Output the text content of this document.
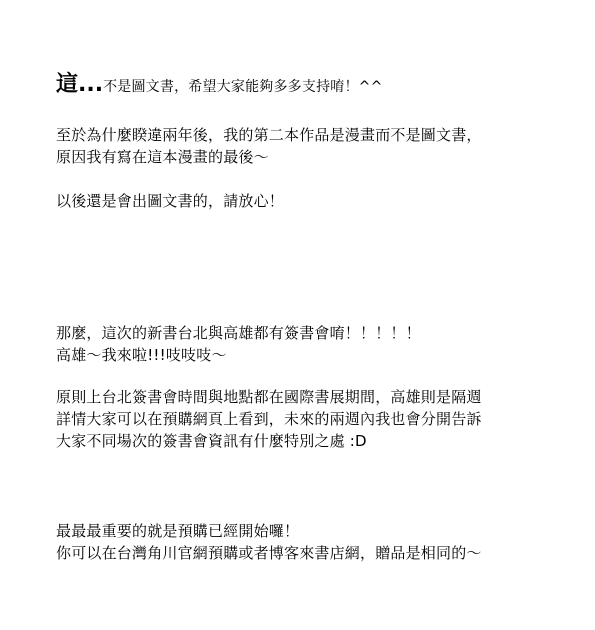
這...不是圖文書，希望大家能夠多多支持唷！^^

至於為什麼睽違兩年後，我的第二本作品是漫畫而不是圖文書，
原因我有寫在這本漫畫的最後～

以後還是會出圖文書的，請放心！

那麼，這次的新書台北與高雄都有簽書會唷！！！！！
高雄～我來啦!!!吱吱吱～

原則上台北簽書會時間與地點都在國際書展期間，高雄則是隔週
詳情大家可以在預購網頁上看到，未來的兩週內我也會分開告訴
大家不同場次的簽書會資訊有什麼特別之處 :D

最最最重要的就是預購已經開始囉！
你可以在台灣角川官網預購或者博客來書店網，贈品是相同的～
